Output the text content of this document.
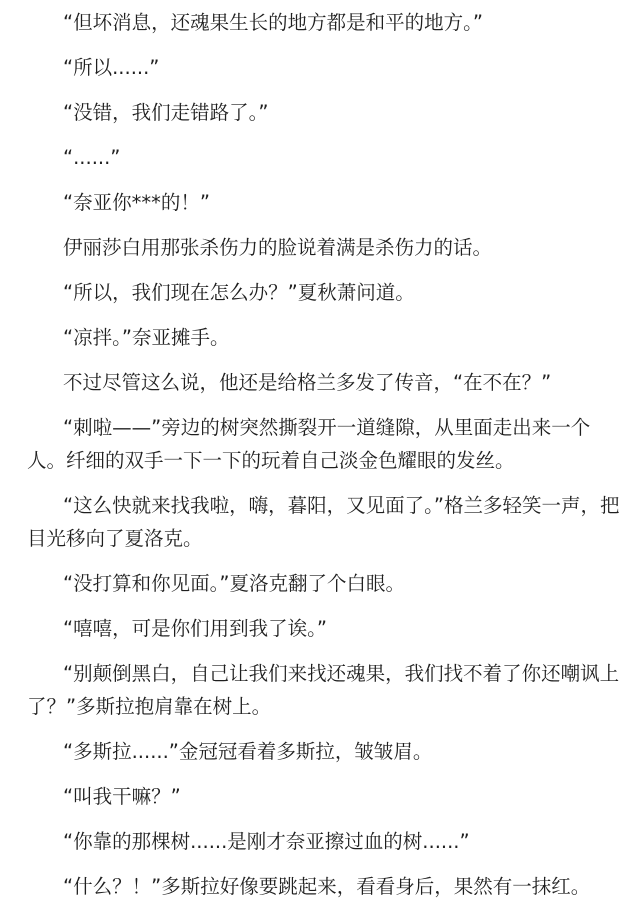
“但坏消息，还魂果生长的地方都是和平的地方。”

“所以......”

“没错，我们走错路了。”

“......”

“奈亚你***的！”

伊丽莎白用那张杀伤力的脸说着满是杀伤力的话。

“所以，我们现在怎么办？”夏秋萧问道。

“凉拌。”奈亚摊手。

不过尽管这么说，他还是给格兰多发了传音，“在不在？”

“刺啦——”旁边的树突然撕裂开一道缝隙，从里面走出来一个人。纤细的双手一下一下的玩着自己淡金色耀眼的发丝。

“这么快就来找我啦，嗨，暮阳，又见面了。”格兰多轻笑一声，把目光移向了夏洛克。

“没打算和你见面。”夏洛克翻了个白眼。

“嘻嘻，可是你们用到我了诶。”

“别颠倒黑白，自己让我们来找还魂果，我们找不着了你还嘲讽上了？”多斯拉抱肩靠在树上。

“多斯拉......”金冠冠看着多斯拉，皱皱眉。

“叫我干嘛？”

“你靠的那棵树......是刚才奈亚擦过血的树......”

“什么？！”多斯拉好像要跳起来，看看身后，果然有一抹红。
